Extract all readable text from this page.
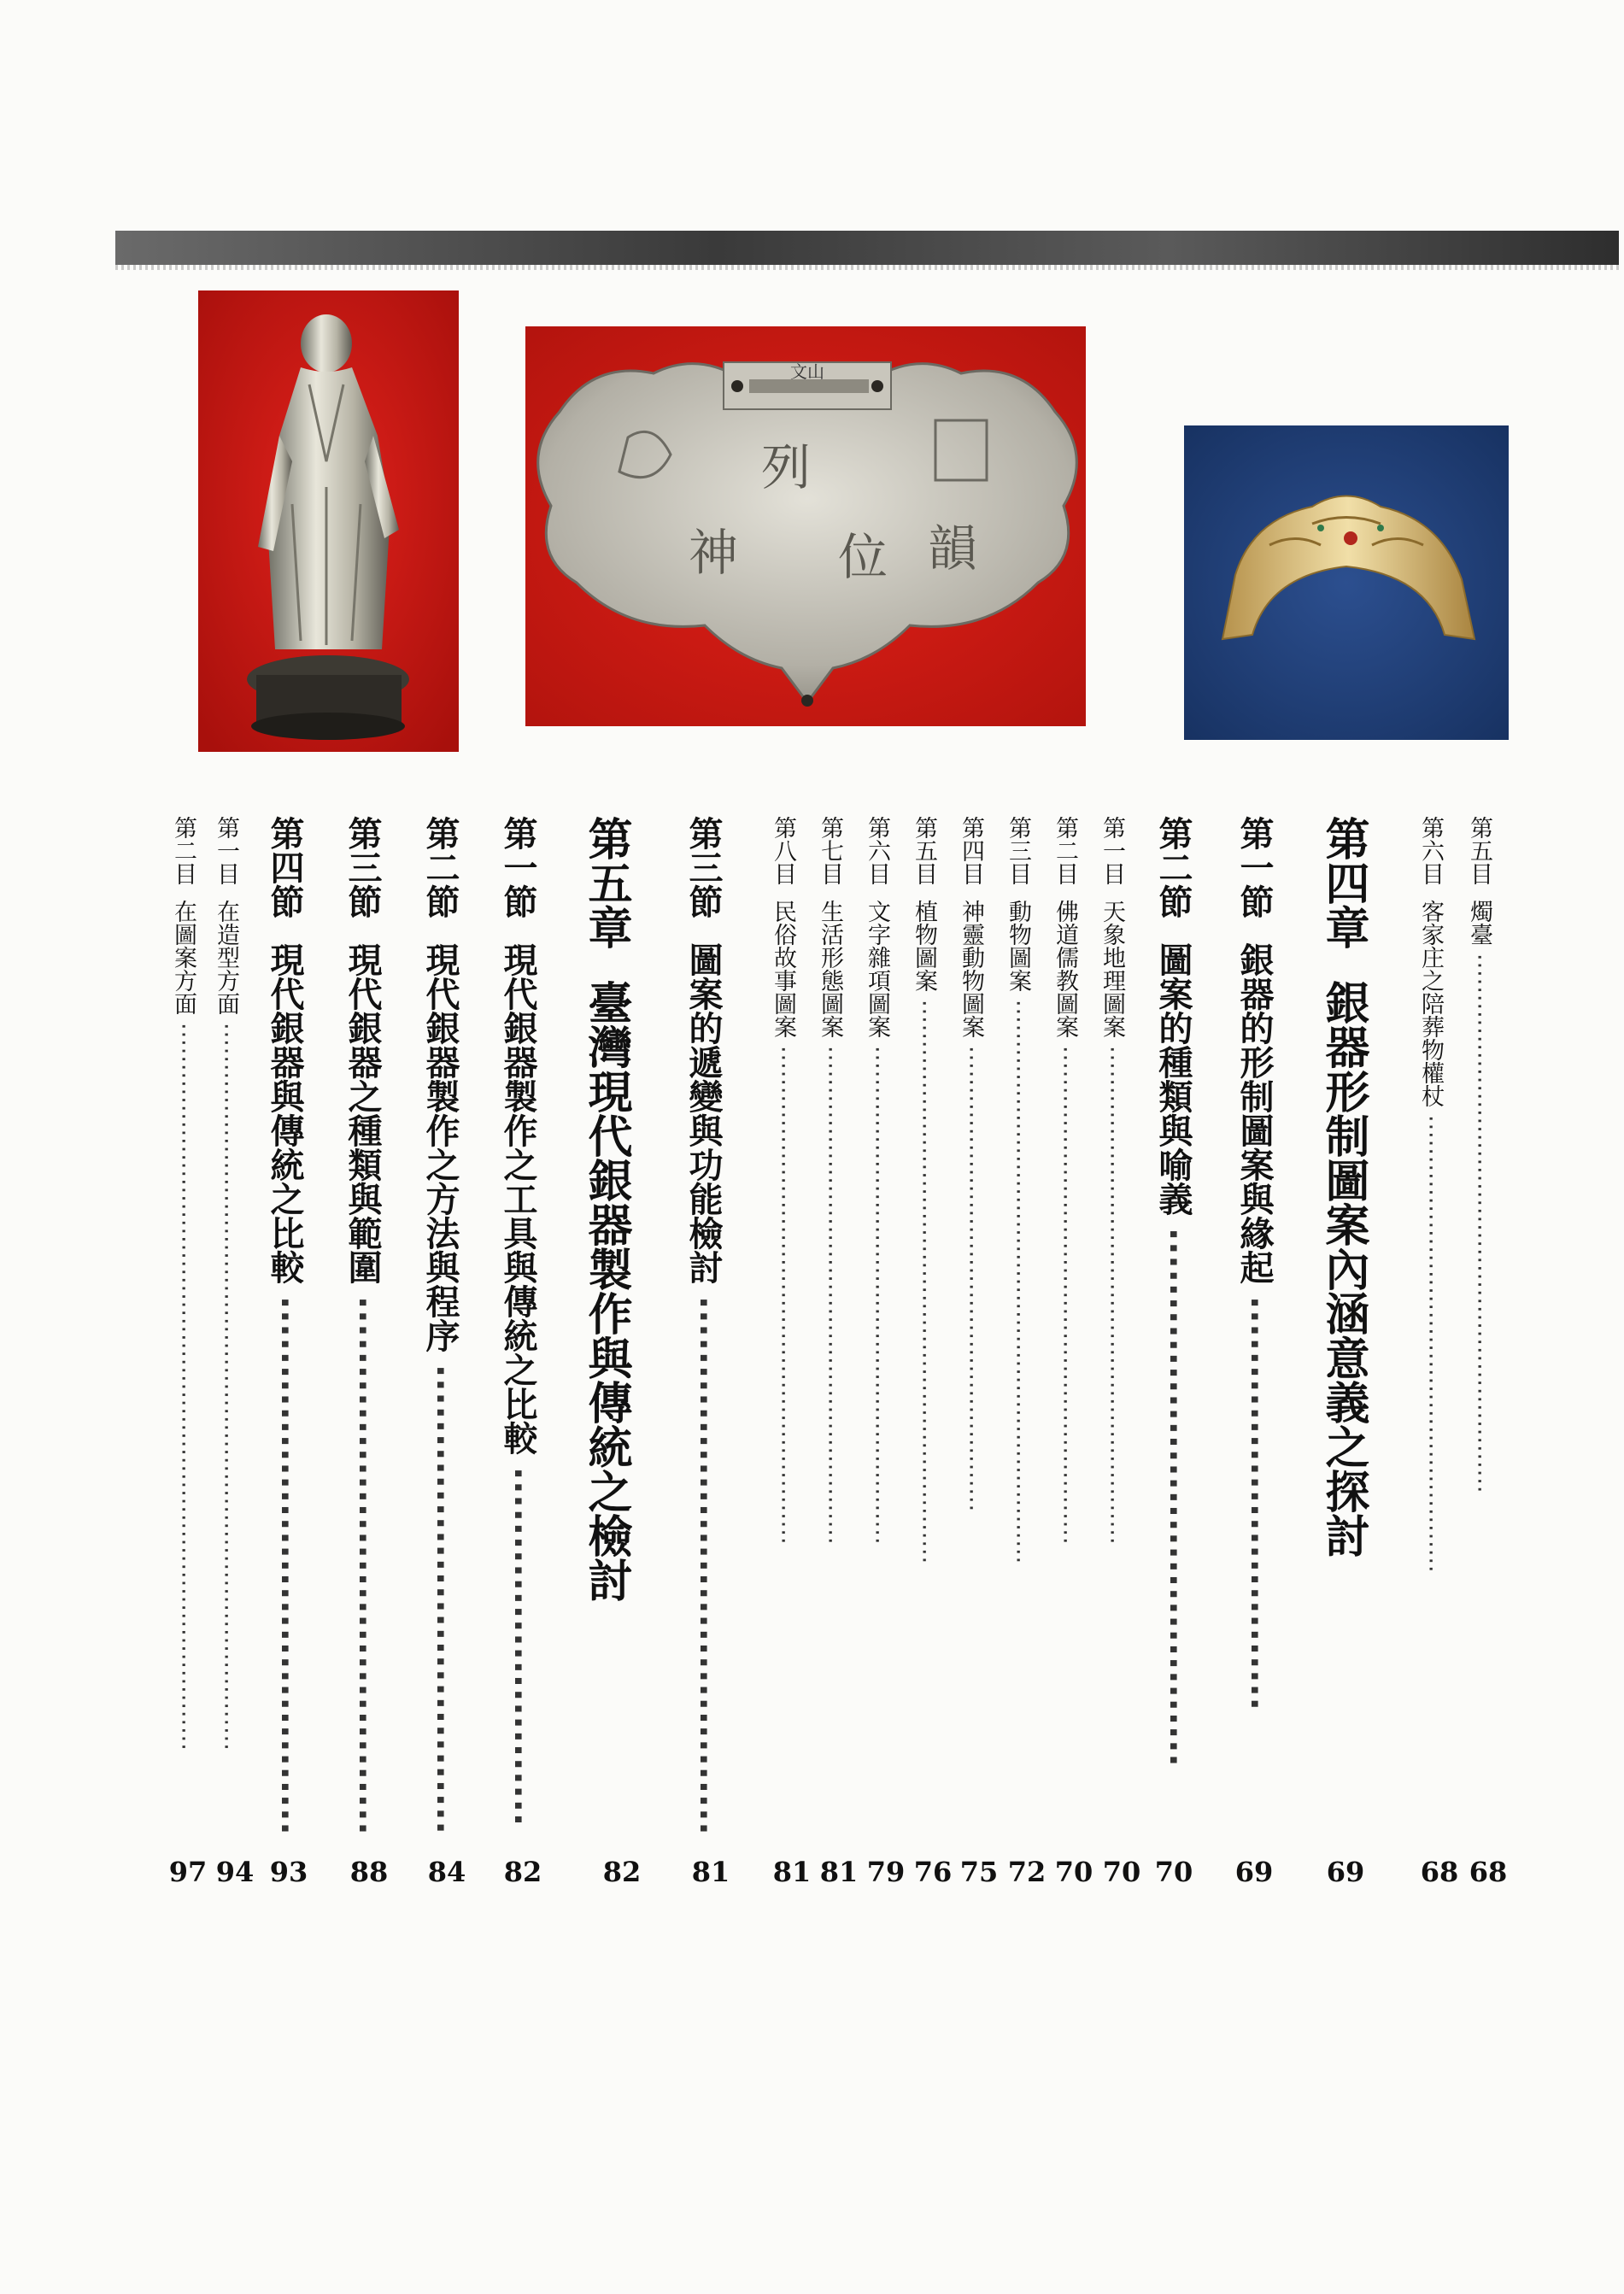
文山
列
位
神	韻
第五目  燭臺 ··································································
第六目  客家庄之陪葬物權杖 ························································
第四章  銀器形制圖案內涵意義之探討
第一節  銀器的形制圖案與緣起 ······························
第二節  圖案的種類與喻義 ·······································
第一目  天象地理圖案 ·····························································
第二目  佛道儒教圖案 ·····························································
第三目  動物圖案 ·····································································
第四目  神靈動物圖案 ·························································
第五目  植物圖案 ·····································································
第六目  文字雜項圖案 ·····························································
第七目  生活形態圖案 ·····························································
第八目  民俗故事圖案 ·····························································
第三節  圖案的遞變與功能檢討 ·······································
第五章  臺灣現代銀器製作與傳統之檢討
第一節  現代銀器製作之工具與傳統之比較 ··························
第二節  現代銀器製作之方法與程序 ··································
第三節  現代銀器之種類與範圍 ·······································
第四節  現代銀器與傳統之比較 ·······································
第一目  在造型方面 ·························································································
第二目  在圖案方面 ·························································································
68
68
69
69
70
70
70
72
75
76
79
81
81
81
82
82
84
88
93
94
97
